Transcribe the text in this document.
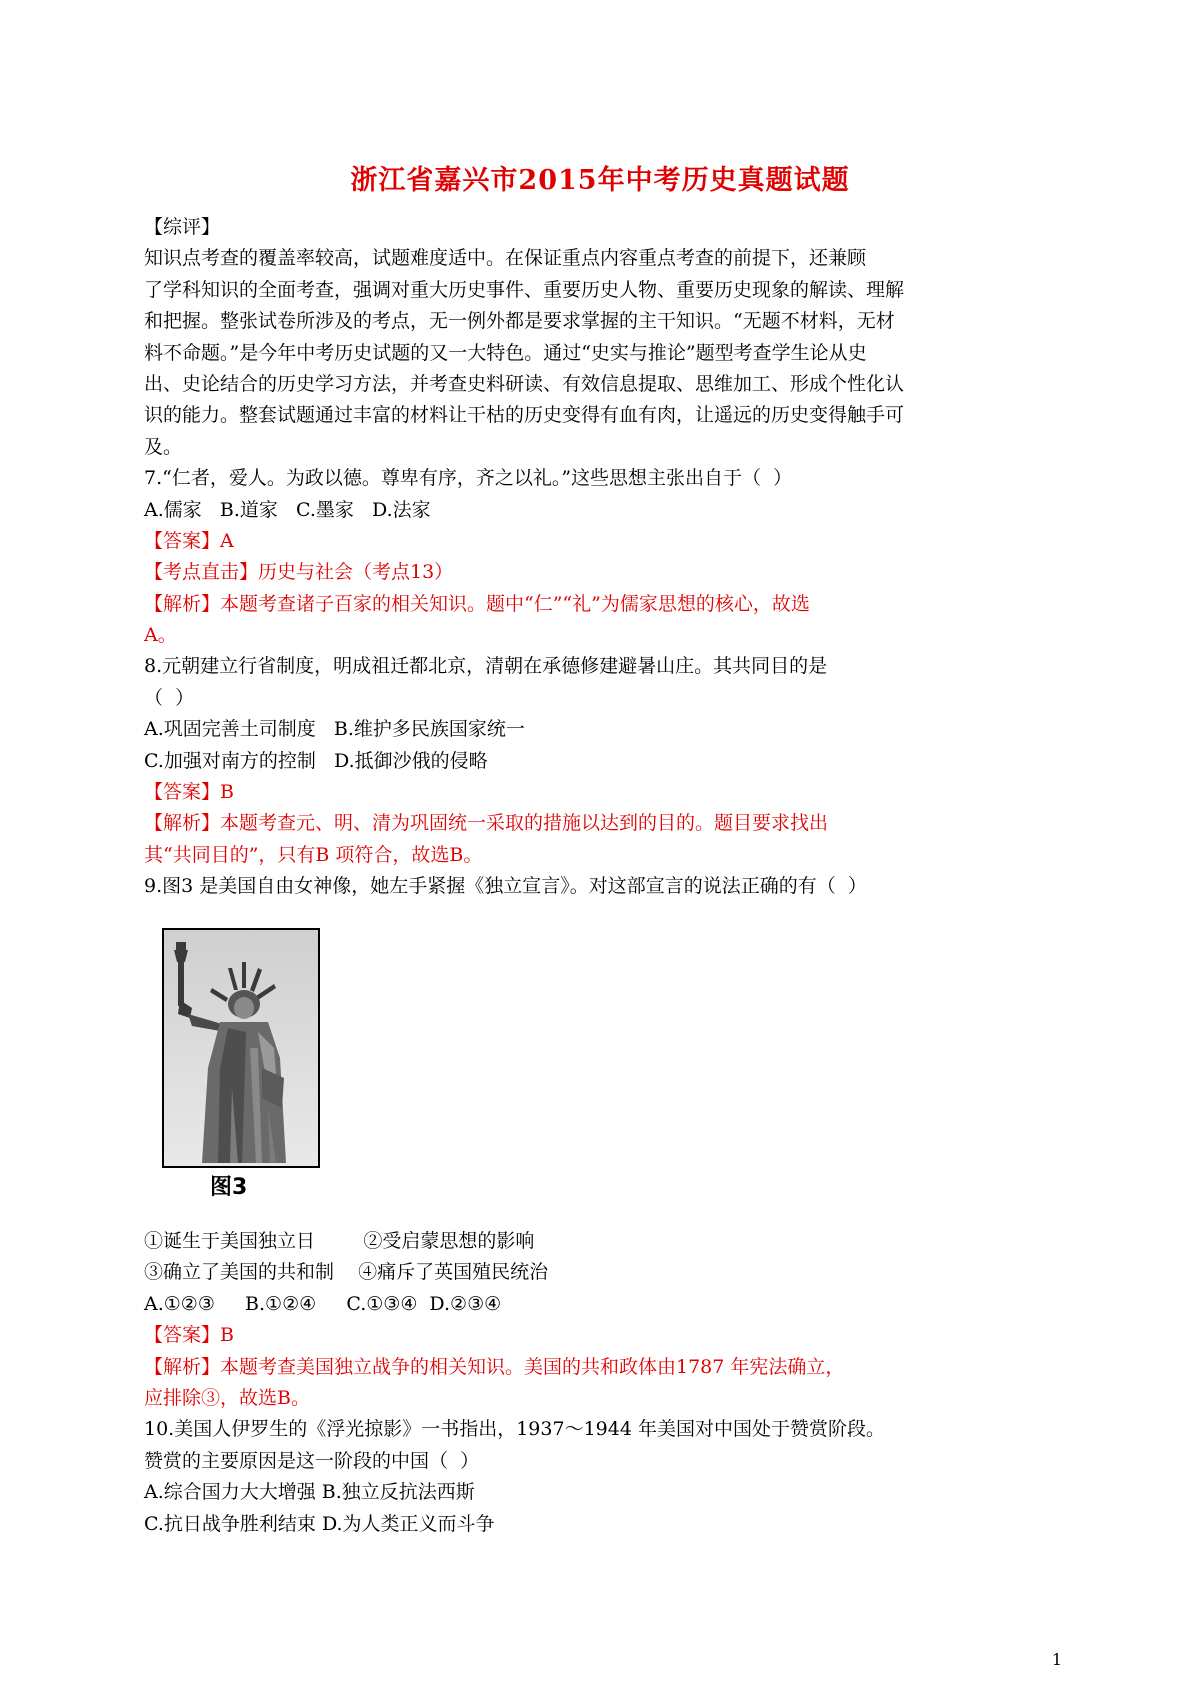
浙江省嘉兴市2015年中考历史真题试题
【综评】
知识点考查的覆盖率较高，试题难度适中。在保证重点内容重点考查的前提下，还兼顾
了学科知识的全面考查，强调对重大历史事件、重要历史人物、重要历史现象的解读、理解
和把握。整张试卷所涉及的考点，无一例外都是要求掌握的主干知识。“无题不材料，无材
料不命题。”是今年中考历史试题的又一大特色。通过“史实与推论”题型考查学生论从史
出、史论结合的历史学习方法，并考查史料研读、有效信息提取、思维加工、形成个性化认
识的能力。整套试题通过丰富的材料让干枯的历史变得有血有肉，让遥远的历史变得触手可
及。
7.“仁者，爱人。为政以德。尊卑有序，齐之以礼。”这些思想主张出自于（  ）
A.儒家   B.道家   C.墨家   D.法家
【答案】A
【考点直击】历史与社会（考点13）
【解析】本题考查诸子百家的相关知识。题中“仁”“礼”为儒家思想的核心，故选
A。
8.元朝建立行省制度，明成祖迁都北京，清朝在承德修建避暑山庄。其共同目的是
（  ）
A.巩固完善土司制度   B.维护多民族国家统一
C.加强对南方的控制   D.抵御沙俄的侵略
【答案】B
【解析】本题考查元、明、清为巩固统一采取的措施以达到的目的。题目要求找出
其“共同目的”，只有B 项符合，故选B。
9.图3 是美国自由女神像，她左手紧握《独立宣言》。对这部宣言的说法正确的有（  ）
图3
①诞生于美国独立日        ②受启蒙思想的影响
③确立了美国的共和制    ④痛斥了英国殖民统治
A.①②③     B.①②④     C.①③④  D.②③④
【答案】B
【解析】本题考查美国独立战争的相关知识。美国的共和政体由1787 年宪法确立，
应排除③，故选B。
10.美国人伊罗生的《浮光掠影》一书指出，1937～1944 年美国对中国处于赞赏阶段。
赞赏的主要原因是这一阶段的中国（  ）
A.综合国力大大增强 B.独立反抗法西斯
C.抗日战争胜利结束 D.为人类正义而斗争
1
